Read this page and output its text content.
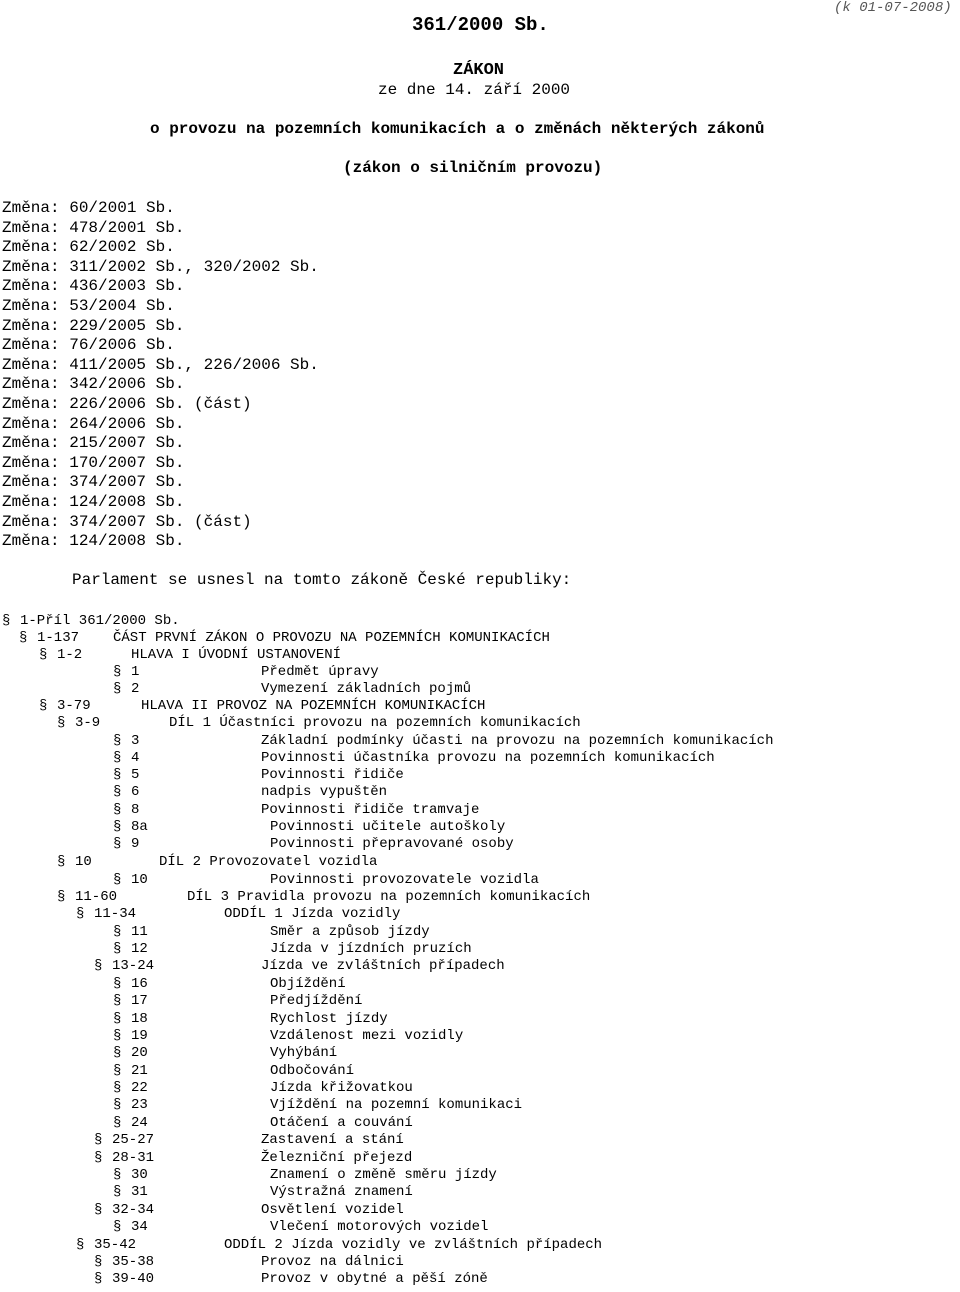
(k 01-07-2008)
361/2000 Sb.
ZÁKON
ze dne 14. září 2000
o provozu na pozemních komunikacích a o změnách některých zákonů
(zákon o silničním provozu)
Změna: 60/2001 Sb.
Změna: 478/2001 Sb.
Změna: 62/2002 Sb.
Změna: 311/2002 Sb., 320/2002 Sb.
Změna: 436/2003 Sb.
Změna: 53/2004 Sb.
Změna: 229/2005 Sb.
Změna: 76/2006 Sb.
Změna: 411/2005 Sb., 226/2006 Sb.
Změna: 342/2006 Sb.
Změna: 226/2006 Sb. (část)
Změna: 264/2006 Sb.
Změna: 215/2007 Sb.
Změna: 170/2007 Sb.
Změna: 374/2007 Sb.
Změna: 124/2008 Sb.
Změna: 374/2007 Sb. (část)
Změna: 124/2008 Sb.
Parlament se usnesl na tomto zákoně České republiky:
§ 1-Příl 361/2000 Sb.
§ 1-137 ČÁST PRVNÍ ZÁKON O PROVOZU NA POZEMNÍCH KOMUNIKACÍCH
§ 1-2	HLAVA I ÚVODNÍ USTANOVENÍ
§ 1	Předmět úpravy
§ 2	Vymezení základních pojmů
§ 3-79	HLAVA II PROVOZ NA POZEMNÍCH KOMUNIKACÍCH
§ 3-9	DÍL 1 Účastníci provozu na pozemních komunikacích
§ 3	Základní podmínky účasti na provozu na pozemních komunikacích
§ 4	Povinnosti účastníka provozu na pozemních komunikacích
§ 5	Povinnosti řidiče
§ 6	nadpis vypuštěn
§ 8	Povinnosti řidiče tramvaje
§ 8a	Povinnosti učitele autoškoly
§ 9	Povinnosti přepravované osoby
§ 10	DÍL 2 Provozovatel vozidla
§ 10	Povinnosti provozovatele vozidla
§ 11-60	DÍL 3 Pravidla provozu na pozemních komunikacích
§ 11-34	ODDÍL 1 Jízda vozidly
§ 11	Směr a způsob jízdy
§ 12	Jízda v jízdních pruzích
§ 13-24	Jízda ve zvláštních případech
§ 16	Objíždění
§ 17	Předjíždění
§ 18	Rychlost jízdy
§ 19	Vzdálenost mezi vozidly
§ 20	Vyhýbání
§ 21	Odbočování
§ 22	Jízda křižovatkou
§ 23	Vjíždění na pozemní komunikaci
§ 24	Otáčení a couvání
§ 25-27	Zastavení a stání
§ 28-31	Železniční přejezd
§ 30	Znamení o změně směru jízdy
§ 31	Výstražná znamení
§ 32-34	Osvětlení vozidel
§ 34	Vlečení motorových vozidel
§ 35-42	ODDÍL 2 Jízda vozidly ve zvláštních případech
§ 35-38	Provoz na dálnici
§ 39-40	Provoz v obytné a pěší zóně
